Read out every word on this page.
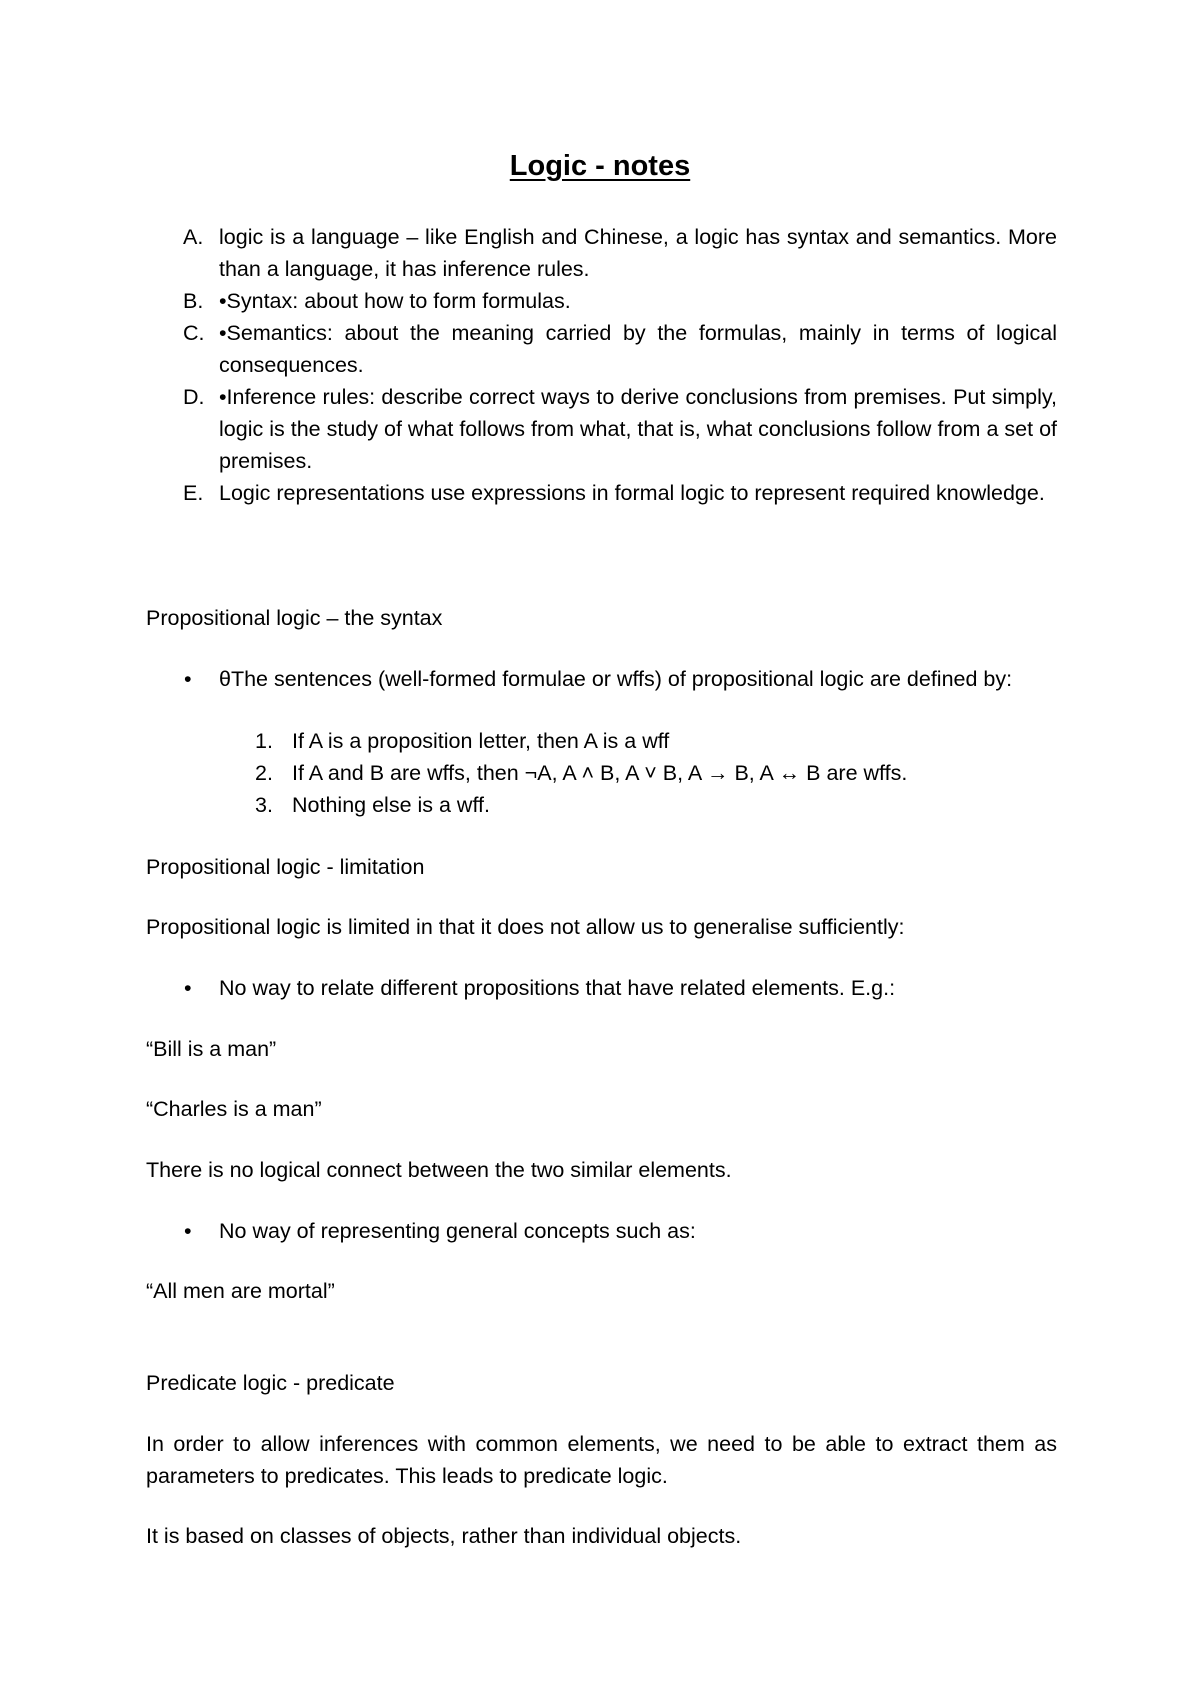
Logic - notes
A. logic is a language – like English and Chinese, a logic has syntax and semantics. More than a language, it has inference rules.
B. •Syntax: about how to form formulas.
C. •Semantics: about the meaning carried by the formulas, mainly in terms of logical consequences.
D. •Inference rules: describe correct ways to derive conclusions from premises. Put simply, logic is the study of what follows from what, that is, what conclusions follow from a set of premises.
E. Logic representations use expressions in formal logic to represent required knowledge.

Propositional logic – the syntax

•	θThe sentences (well-formed formulae or wffs) of propositional logic are defined by:
1. If A is a proposition letter, then A is a wff
2. If A and B are wffs, then ¬A, A ˄ B, A ˅ B, A → B, A ↔ B are wffs.
3. Nothing else is a wff.

Propositional logic - limitation

Propositional logic is limited in that it does not allow us to generalise sufficiently:

•	No way to relate different propositions that have related elements. E.g.:

“Bill is a man”

“Charles is a man”

There is no logical connect between the two similar elements.

•	No way of representing general concepts such as:

“All men are mortal”

Predicate logic - predicate

In order to allow inferences with common elements, we need to be able to extract them as parameters to predicates. This leads to predicate logic.

It is based on classes of objects, rather than individual objects.
